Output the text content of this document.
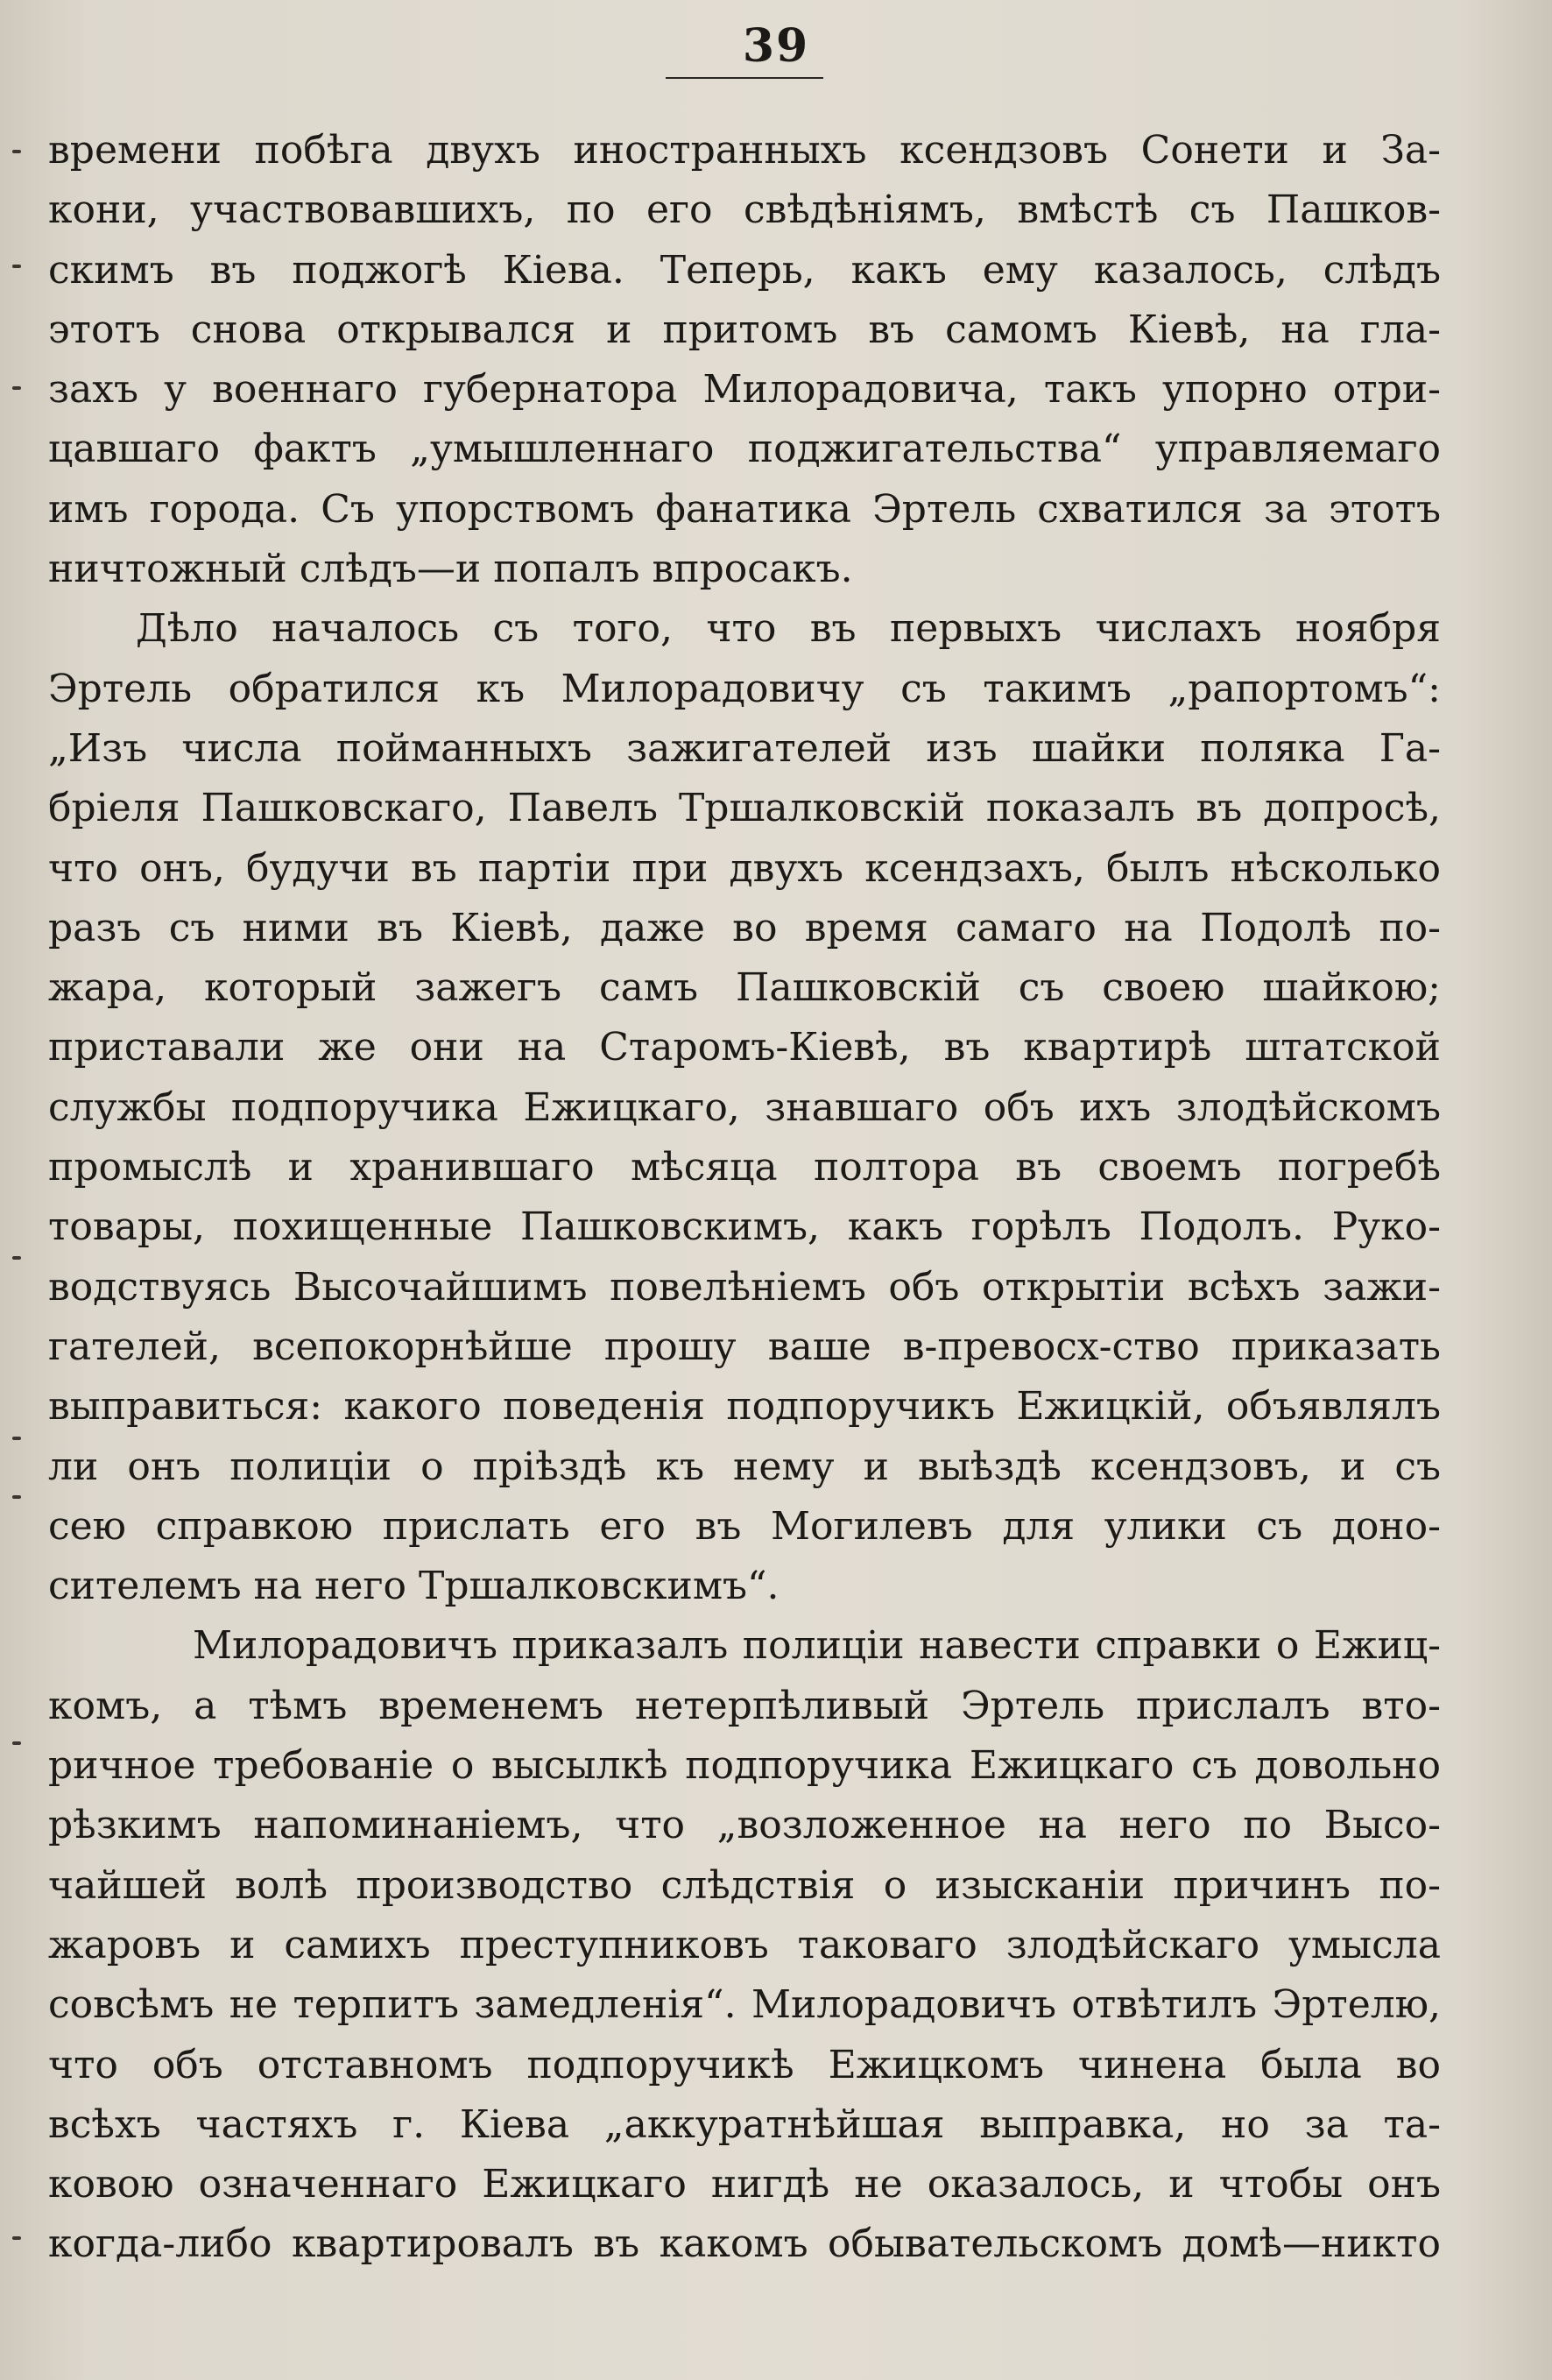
39
времени побѣга двухъ иностранныхъ ксендзовъ Сонети и За-
кони, участвовавшихъ, по его свѣдѣніямъ, вмѣстѣ съ Пашков-
скимъ въ поджогѣ Кіева. Теперь, какъ ему казалось, слѣдъ
этотъ снова открывался и притомъ въ самомъ Кіевѣ, на гла-
захъ у военнаго губернатора Милорадовича, такъ упорно отри-
цавшаго фактъ „умышленнаго поджигательства“ управляемаго
имъ города. Съ упорствомъ фанатика Эртель схватился за этотъ
ничтожный слѣдъ—и попалъ впросакъ.
Дѣло началось съ того, что въ первыхъ числахъ ноября
Эртель обратился къ Милорадовичу съ такимъ „рапортомъ“:
„Изъ числа пойманныхъ зажигателей изъ шайки поляка Га-
бріеля Пашковскаго, Павелъ Тршалковскій показалъ въ допросѣ,
что онъ, будучи въ партіи при двухъ ксендзахъ, былъ нѣсколько
разъ съ ними въ Кіевѣ, даже во время самаго на Подолѣ по-
жара, который зажегъ самъ Пашковскій съ своею шайкою;
приставали же они на Старомъ-Кіевѣ, въ квартирѣ штатской
службы подпоручика Ежицкаго, знавшаго объ ихъ злодѣйскомъ
промыслѣ и хранившаго мѣсяца полтора въ своемъ погребѣ
товары, похищенные Пашковскимъ, какъ горѣлъ Подолъ. Руко-
водствуясь Высочайшимъ повелѣніемъ объ открытіи всѣхъ зажи-
гателей, всепокорнѣйше прошу ваше в-превосх-ство приказать
выправиться: какого поведенія подпоручикъ Ежицкій, объявлялъ
ли онъ полиціи о пріѣздѣ къ нему и выѣздѣ ксендзовъ, и съ
сею справкою прислать его въ Могилевъ для улики съ доно-
сителемъ на него Тршалковскимъ“.
Милорадовичъ приказалъ полиціи навести справки о Ежиц-
комъ, а тѣмъ временемъ нетерпѣливый Эртель прислалъ вто-
ричное требованіе о высылкѣ подпоручика Ежицкаго съ довольно
рѣзкимъ напоминаніемъ, что „возложенное на него по Высо-
чайшей волѣ производство слѣдствія о изысканіи причинъ по-
жаровъ и самихъ преступниковъ таковаго злодѣйскаго умысла
совсѣмъ не терпитъ замедленія“. Милорадовичъ отвѣтилъ Эртелю,
что объ отставномъ подпоручикѣ Ежицкомъ чинена была во
всѣхъ частяхъ г. Кіева „аккуратнѣйшая выправка, но за та-
ковою означеннаго Ежицкаго нигдѣ не оказалось, и чтобы онъ
когда-либо квартировалъ въ какомъ обывательскомъ домѣ—никто
